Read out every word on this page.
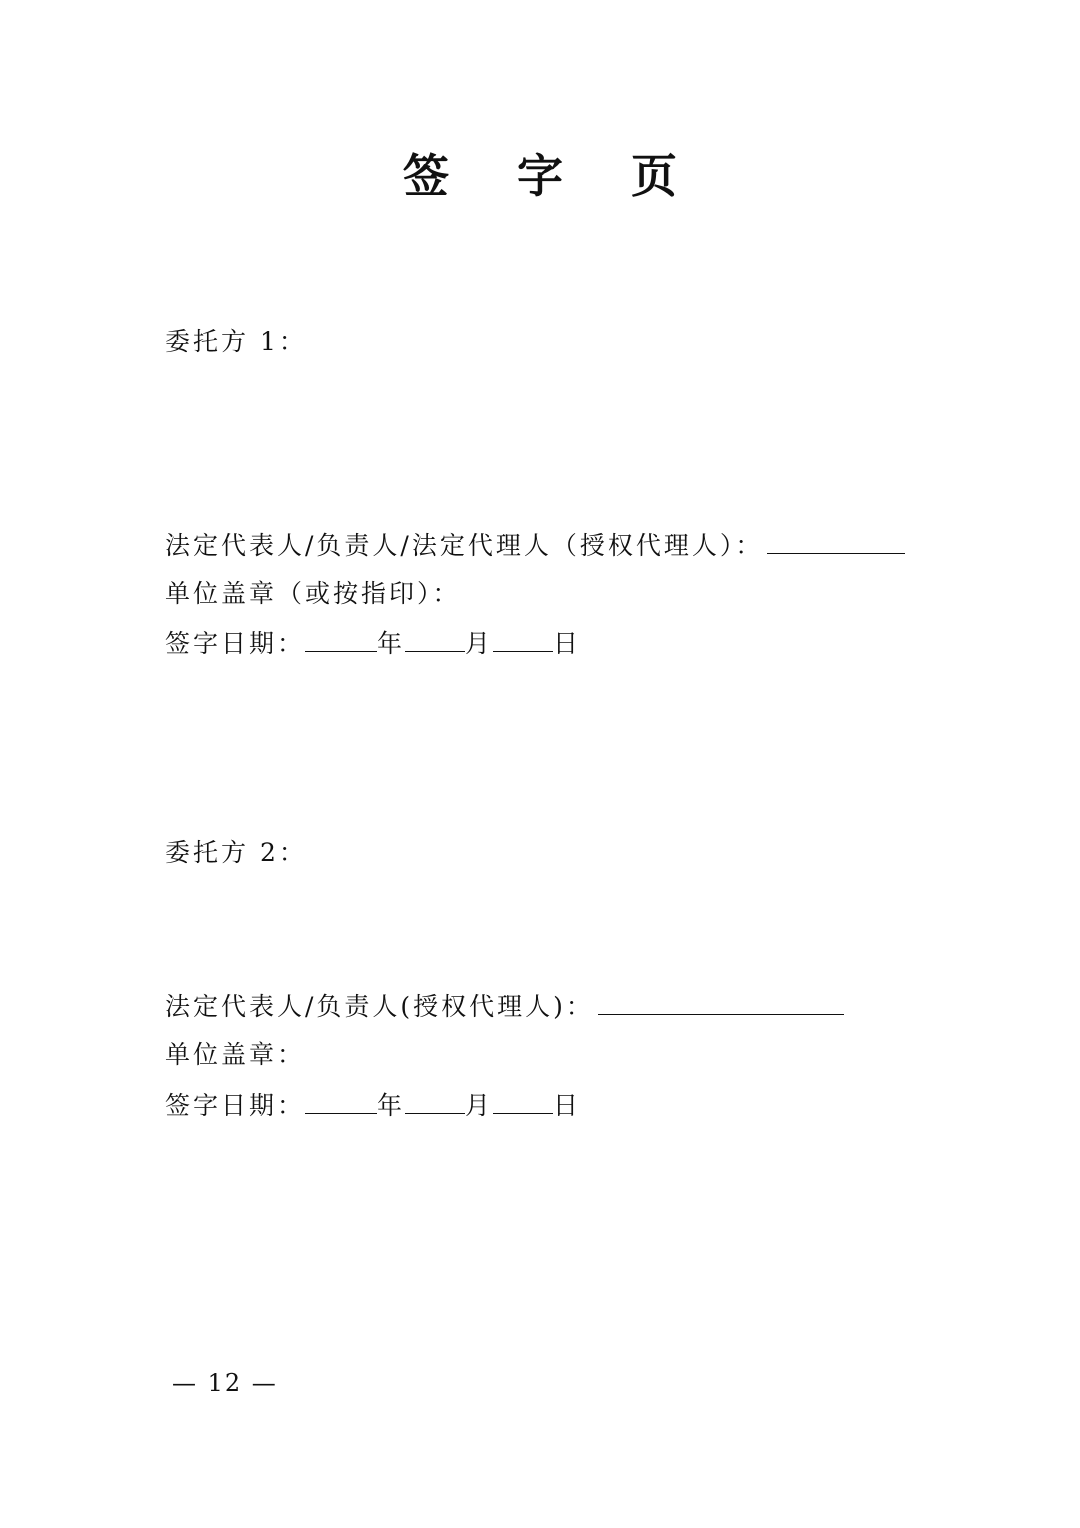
签 字 页
委托方 1：
法定代表人/负责人/法定代理人（授权代理人）：
单位盖章（或按指印）：
签字日期：	年 月 日
委托方 2：
法定代表人/负责人(授权代理人)：
单位盖章：
签字日期：	年 月 日
— 12 —
